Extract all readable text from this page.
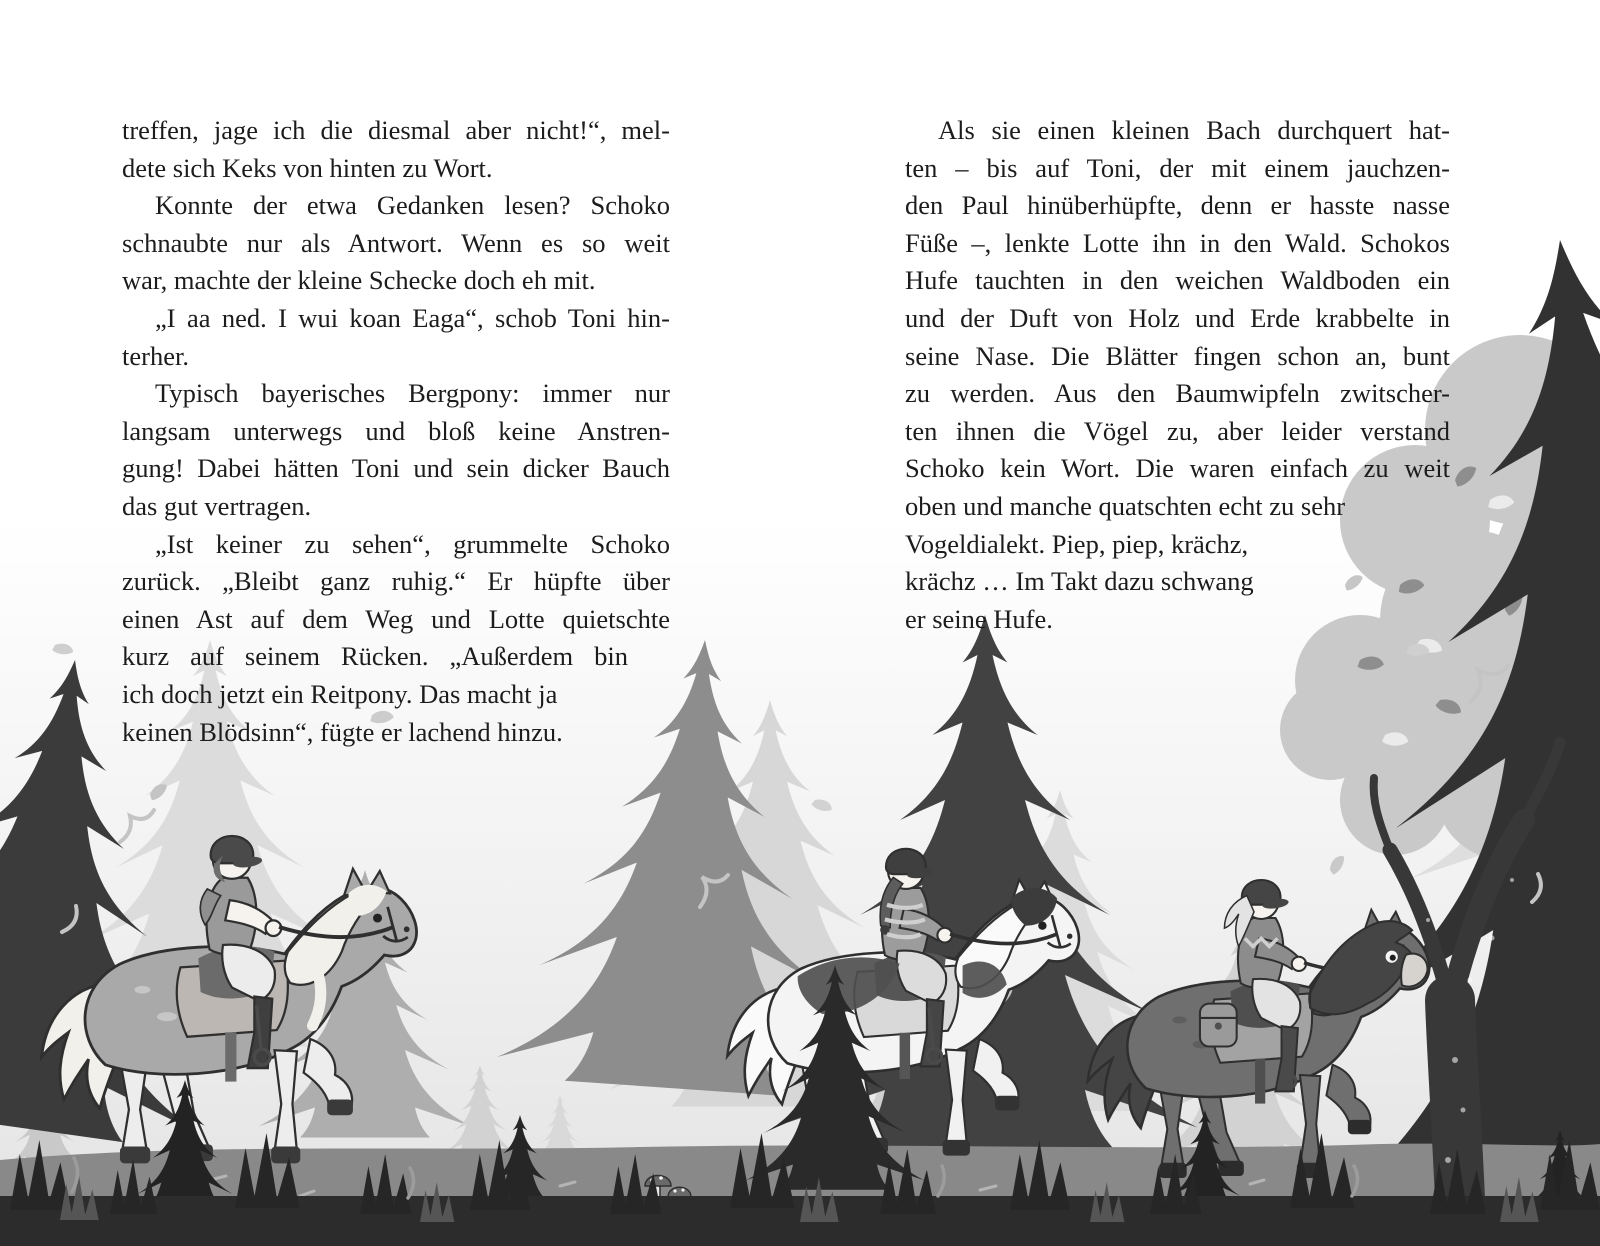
treffen, jage ich die diesmal aber nicht!“, mel-
dete sich Keks von hinten zu Wort.
Konnte der etwa Gedanken lesen? Schoko
schnaubte nur als Antwort. Wenn es so weit
war, machte der kleine Schecke doch eh mit.
„I aa ned. I wui koan Eaga“, schob Toni hin-
terher.
Typisch bayerisches Bergpony: immer nur
langsam unterwegs und bloß keine Anstren-
gung! Dabei hätten Toni und sein dicker Bauch
das gut vertragen.
„Ist keiner zu sehen“, grummelte Schoko
zurück. „Bleibt ganz ruhig.“ Er hüpfte über
einen Ast auf dem Weg und Lotte quietschte
kurz auf seinem Rücken. „Außerdem bin
ich doch jetzt ein Reitpony. Das macht ja
keinen Blödsinn“, fügte er lachend hinzu.
Als sie einen kleinen Bach durchquert hat-
ten – bis auf Toni, der mit einem jauchzen-
den Paul hinüberhüpfte, denn er hasste nasse
Füße –, lenkte Lotte ihn in den Wald. Schokos
Hufe tauchten in den weichen Waldboden ein
und der Duft von Holz und Erde krabbelte in
seine Nase. Die Blätter fingen schon an, bunt
zu werden. Aus den Baumwipfeln zwitscher-
ten ihnen die Vögel zu, aber leider verstand
Schoko kein Wort. Die waren einfach zu weit
oben und manche quatschten echt zu sehr
Vogeldialekt. Piep, piep, krächz,
krächz … Im Takt dazu schwang
er seine Hufe.
